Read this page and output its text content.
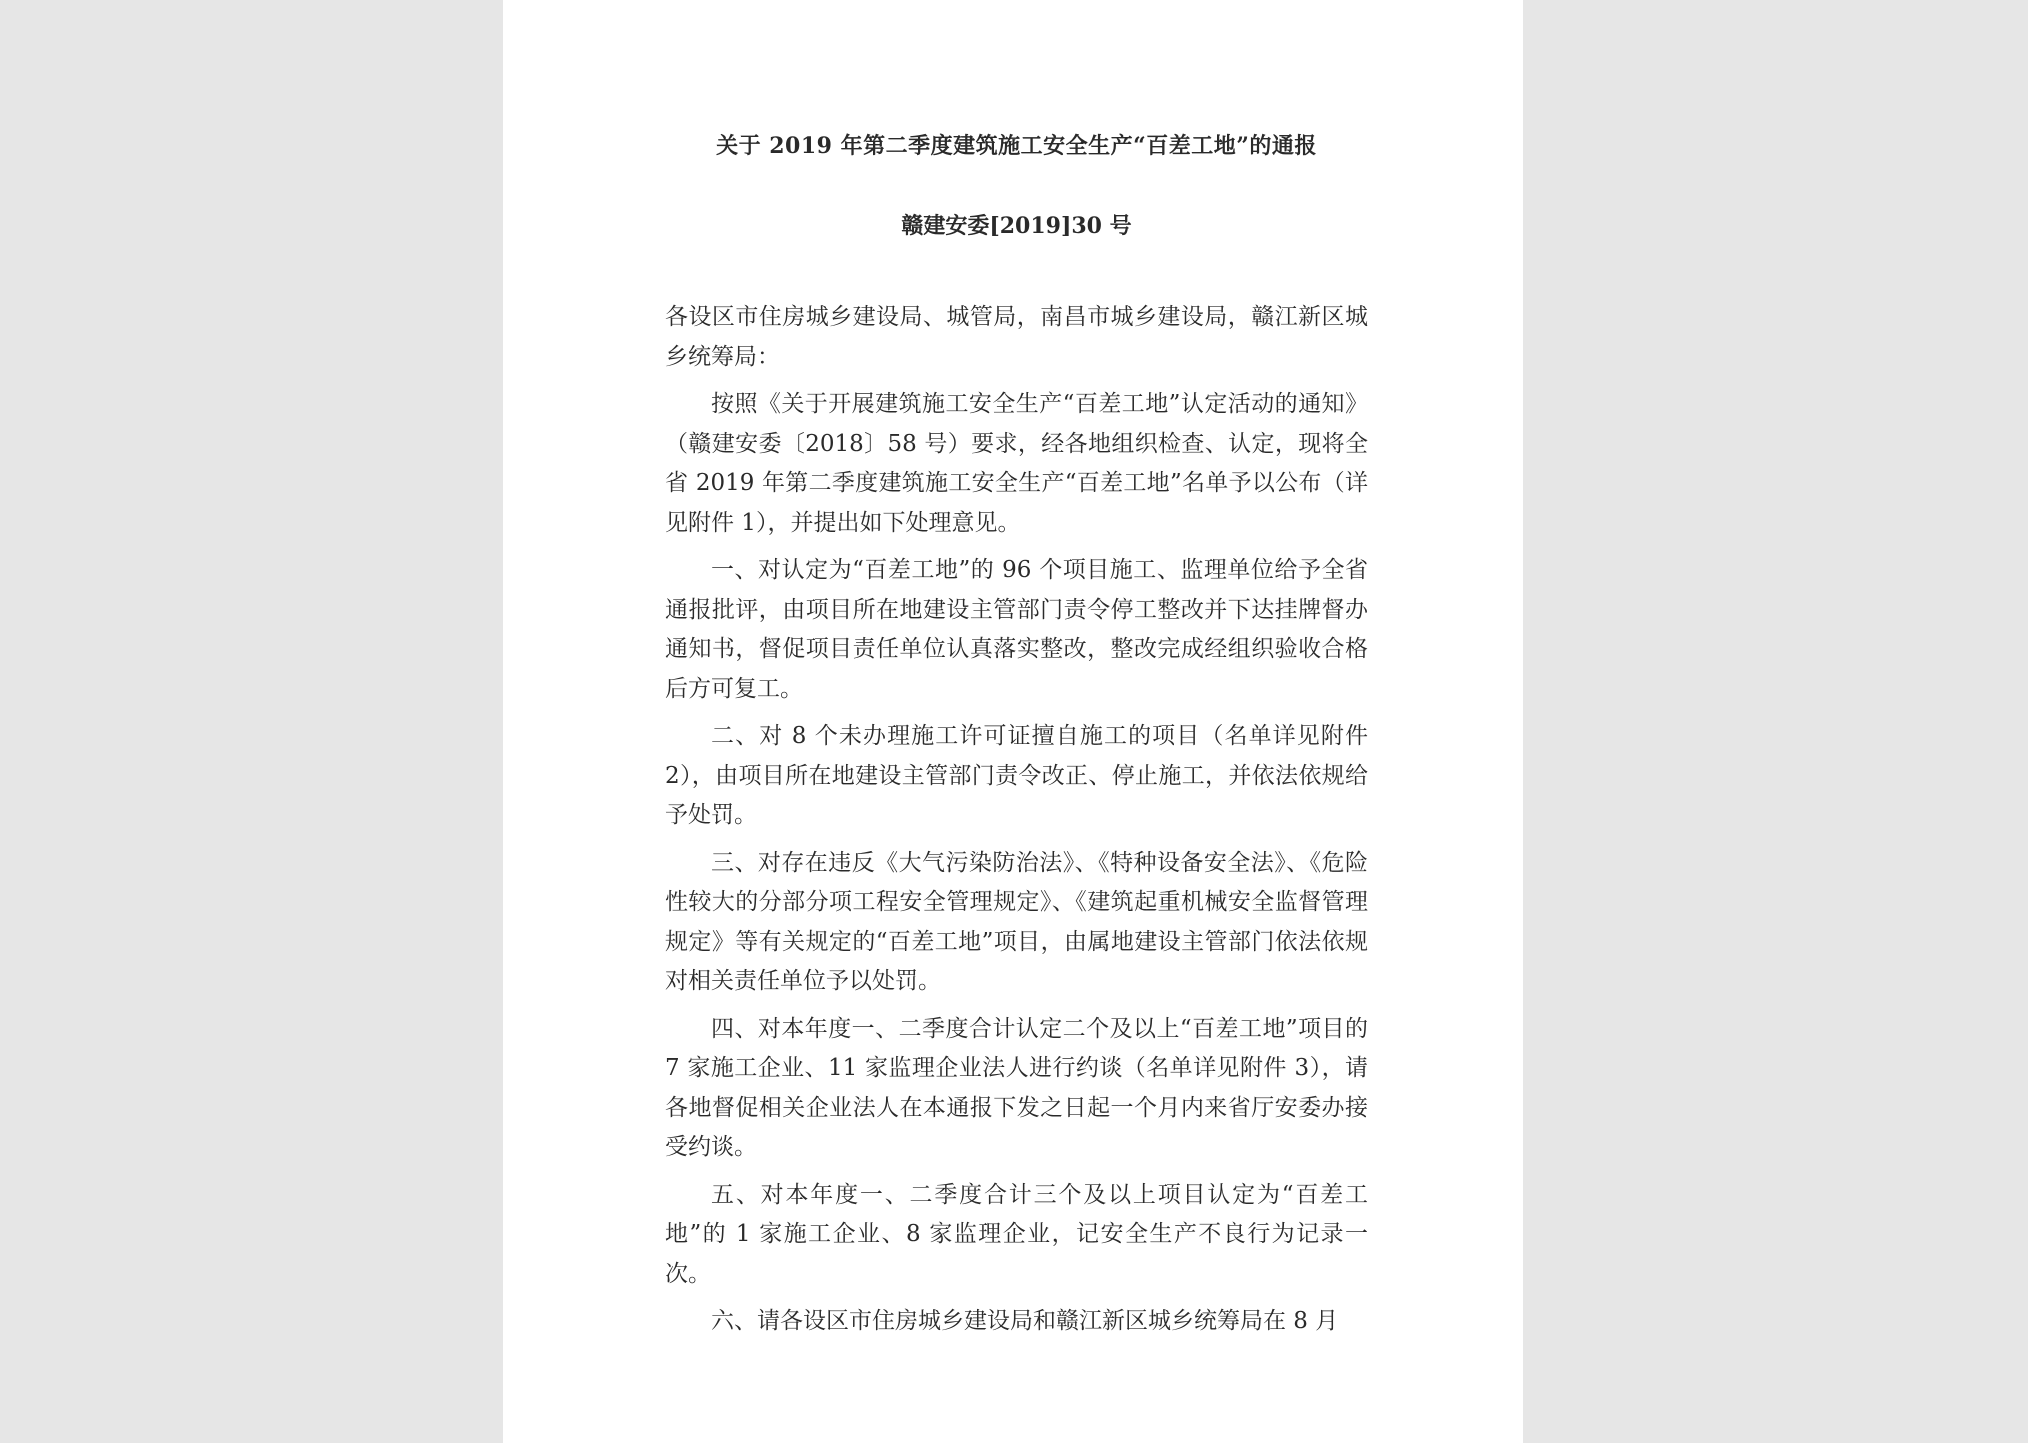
关于 2019 年第二季度建筑施工安全生产“百差工地”的通报
赣建安委[2019]30 号

各设区市住房城乡建设局、城管局，南昌市城乡建设局，赣江新区城乡统筹局：

按照《关于开展建筑施工安全生产“百差工地”认定活动的通知》（赣建安委〔2018〕58 号）要求，经各地组织检查、认定，现将全省 2019 年第二季度建筑施工安全生产“百差工地”名单予以公布（详见附件 1），并提出如下处理意见。

一、对认定为“百差工地”的 96 个项目施工、监理单位给予全省通报批评，由项目所在地建设主管部门责令停工整改并下达挂牌督办通知书，督促项目责任单位认真落实整改，整改完成经组织验收合格后方可复工。

二、对 8 个未办理施工许可证擅自施工的项目（名单详见附件 2），由项目所在地建设主管部门责令改正、停止施工，并依法依规给予处罚。

三、对存在违反《大气污染防治法》、《特种设备安全法》、《危险性较大的分部分项工程安全管理规定》、《建筑起重机械安全监督管理规定》等有关规定的“百差工地”项目，由属地建设主管部门依法依规对相关责任单位予以处罚。

四、对本年度一、二季度合计认定二个及以上“百差工地”项目的 7 家施工企业、11 家监理企业法人进行约谈（名单详见附件 3），请各地督促相关企业法人在本通报下发之日起一个月内来省厅安委办接受约谈。

五、对本年度一、二季度合计三个及以上项目认定为“百差工地”的 1 家施工企业、8 家监理企业，记安全生产不良行为记录一次。

六、请各设区市住房城乡建设局和赣江新区城乡统筹局在 8 月
